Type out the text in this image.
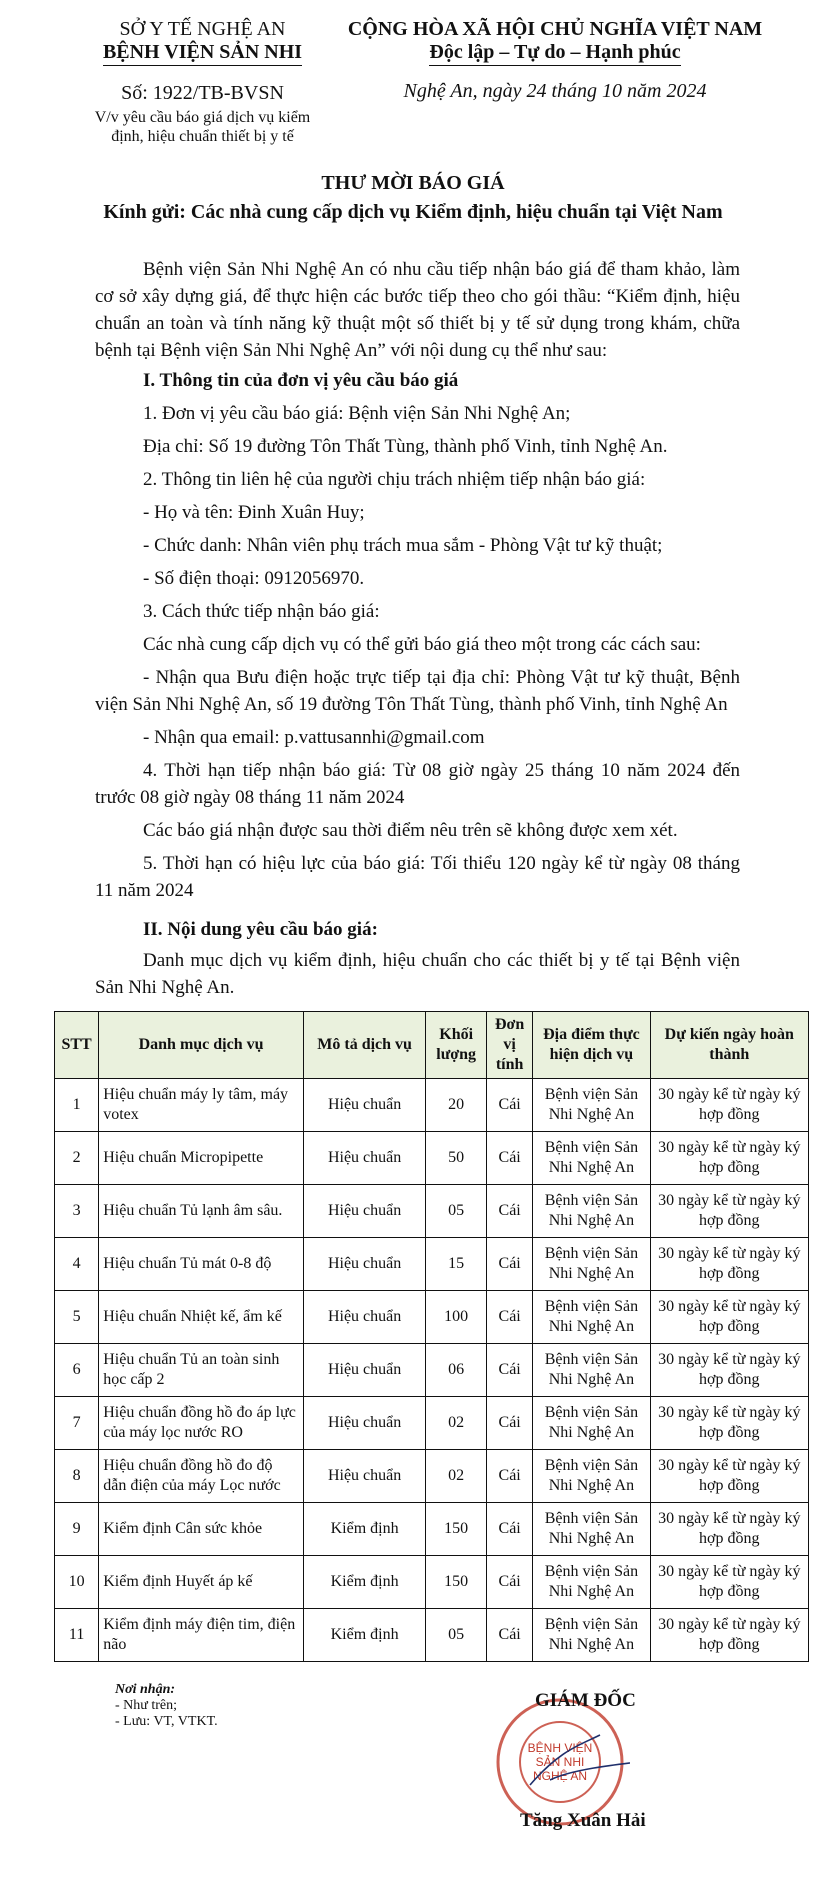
SỞ Y TẾ NGHỆ AN
BỆNH VIỆN SẢN NHI
Số: 1922/TB-BVSN
V/v yêu cầu báo giá dịch vụ kiểm
định, hiệu chuẩn thiết bị y tế
CỘNG HÒA XÃ HỘI CHỦ NGHĨA VIỆT NAM
Độc lập – Tự do – Hạnh phúc
Nghệ An, ngày 24 tháng 10 năm 2024
THƯ MỜI BÁO GIÁ
Kính gửi: Các nhà cung cấp dịch vụ Kiểm định, hiệu chuẩn tại Việt Nam

Bệnh viện Sản Nhi Nghệ An có nhu cầu tiếp nhận báo giá để tham khảo, làm cơ sở xây dựng giá, để thực hiện các bước tiếp theo cho gói thầu: “Kiểm định, hiệu chuẩn an toàn và tính năng kỹ thuật một số thiết bị y tế sử dụng trong khám, chữa bệnh tại Bệnh viện Sản Nhi Nghệ An” với nội dung cụ thể như sau:

I. Thông tin của đơn vị yêu cầu báo giá

1. Đơn vị yêu cầu báo giá: Bệnh viện Sản Nhi Nghệ An;

Địa chỉ: Số 19 đường Tôn Thất Tùng, thành phố Vinh, tỉnh Nghệ An.

2. Thông tin liên hệ của người chịu trách nhiệm tiếp nhận báo giá:

- Họ và tên: Đinh Xuân Huy;

- Chức danh: Nhân viên phụ trách mua sắm - Phòng Vật tư kỹ thuật;

- Số điện thoại: 0912056970.

3. Cách thức tiếp nhận báo giá:

Các nhà cung cấp dịch vụ có thể gửi báo giá theo một trong các cách sau:

- Nhận qua Bưu điện hoặc trực tiếp tại địa chỉ: Phòng Vật tư kỹ thuật, Bệnh viện Sản Nhi Nghệ An, số 19 đường Tôn Thất Tùng, thành phố Vinh, tỉnh Nghệ An

- Nhận qua email: p.vattusannhi@gmail.com

4. Thời hạn tiếp nhận báo giá: Từ 08 giờ ngày 25 tháng 10 năm 2024 đến trước 08 giờ ngày 08 tháng 11 năm 2024

Các báo giá nhận được sau thời điểm nêu trên sẽ không được xem xét.

5. Thời hạn có hiệu lực của báo giá: Tối thiểu 120 ngày kể từ ngày 08 tháng 11 năm 2024

II. Nội dung yêu cầu báo giá:

Danh mục dịch vụ kiểm định, hiệu chuẩn cho các thiết bị y tế tại Bệnh viện Sản Nhi Nghệ An.

STT	Danh mục dịch vụ	Mô tả dịch vụ	Khối lượng	Đơn vị tính	Địa điểm thực hiện dịch vụ	Dự kiến ngày hoàn thành
1	Hiệu chuẩn máy ly tâm, máy votex	Hiệu chuẩn	20	Cái	Bệnh viện Sản Nhi Nghệ An	30 ngày kể từ ngày ký hợp đồng
2	Hiệu chuẩn Micropipette	Hiệu chuẩn	50	Cái	Bệnh viện Sản Nhi Nghệ An	30 ngày kể từ ngày ký hợp đồng
3	Hiệu chuẩn Tủ lạnh âm sâu.	Hiệu chuẩn	05	Cái	Bệnh viện Sản Nhi Nghệ An	30 ngày kể từ ngày ký hợp đồng
4	Hiệu chuẩn Tủ mát 0-8 độ	Hiệu chuẩn	15	Cái	Bệnh viện Sản Nhi Nghệ An	30 ngày kể từ ngày ký hợp đồng
5	Hiệu chuẩn Nhiệt kế, ẩm kế	Hiệu chuẩn	100	Cái	Bệnh viện Sản Nhi Nghệ An	30 ngày kể từ ngày ký hợp đồng
6	Hiệu chuẩn Tủ an toàn sinh học cấp 2	Hiệu chuẩn	06	Cái	Bệnh viện Sản Nhi Nghệ An	30 ngày kể từ ngày ký hợp đồng
7	Hiệu chuẩn đồng hồ đo áp lực của máy lọc nước RO	Hiệu chuẩn	02	Cái	Bệnh viện Sản Nhi Nghệ An	30 ngày kể từ ngày ký hợp đồng
8	Hiệu chuẩn đồng hồ đo độ dẫn điện của máy Lọc nước	Hiệu chuẩn	02	Cái	Bệnh viện Sản Nhi Nghệ An	30 ngày kể từ ngày ký hợp đồng
9	Kiểm định Cân sức khỏe	Kiểm định	150	Cái	Bệnh viện Sản Nhi Nghệ An	30 ngày kể từ ngày ký hợp đồng
10	Kiểm định Huyết áp kế	Kiểm định	150	Cái	Bệnh viện Sản Nhi Nghệ An	30 ngày kể từ ngày ký hợp đồng
11	Kiểm định máy điện tim, điện não	Kiểm định	05	Cái	Bệnh viện Sản Nhi Nghệ An	30 ngày kể từ ngày ký hợp đồng
Nơi nhận:
- Như trên;
- Lưu: VT, VTKT.
BỆNH VIỆN
SẢN NHI
NGHỆ AN
GIÁM ĐỐC
Tăng Xuân Hải
